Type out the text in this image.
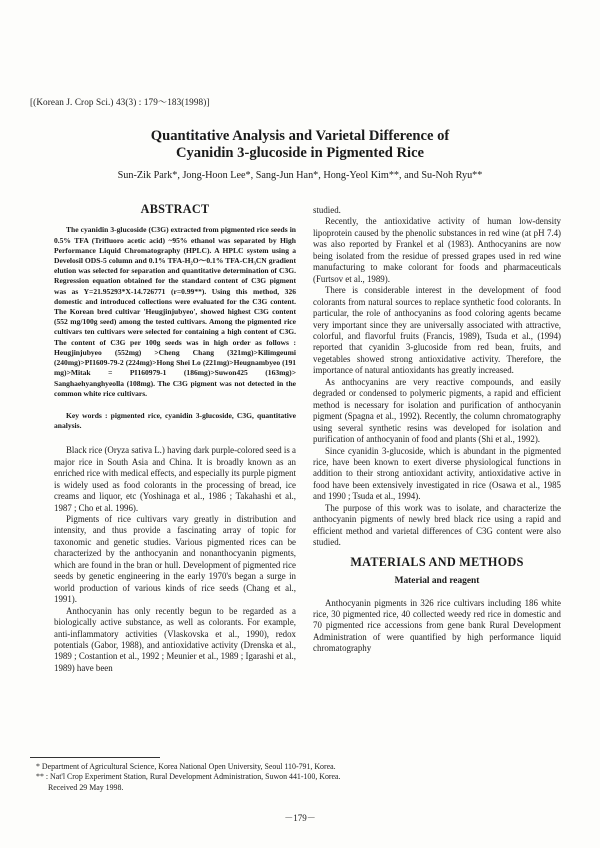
[(Korean J. Crop Sci.) 43(3) : 179～183(1998)]
Quantitative Analysis and Varietal Difference of
Cyanidin 3-glucoside in Pigmented Rice
Sun-Zik Park*, Jong-Hoon Lee*, Sang-Jun Han*, Hong-Yeol Kim**, and Su-Noh Ryu**
ABSTRACT

The cyanidin 3-glucoside (C3G) extracted from pigmented rice seeds in 0.5% TFA (Trifluoro acetic acid) ~95% ethanol was separated by High Performance Liquid Chromatography (HPLC). A HPLC system using a Develosil ODS-5 column and 0.1% TFA-H₂O～0.1% TFA-CH₃CN gradient elution was selected for separation and quantitative determination of C3G. Regression equation obtained for the standard content of C3G pigment was as Y=21.95293*X-14.726771 (r=0.99**). Using this method, 326 domestic and introduced collections were evaluated for the C3G content. The Korean bred cultivar 'Heugjinjubyeo', showed highest C3G content (552 mg/100g seed) among the tested cultivars. Among the pigmented rice cultivars ten cultivars were selected for containing a high content of C3G. The content of C3G per 100g seeds was in high order as follows : Heugjinjubyeo (552mg) >Cheng Chang (321mg)>Kilimgeumi (240mg)>PI1609-79-2 (224mg)>Hong Shei Lo (221mg)>Heugnambyeo (191 mg)>Mitak = PI160979-1 (186mg)>Suwon425 (163mg)> Sanghaehyanghyeolla (108mg). The C3G pigment was not detected in the common white rice cultivars.

Key words : pigmented rice, cyanidin 3-glucoside, C3G, quantitative analysis.

Black rice (Oryza sativa L.) having dark purple-colored seed is a major rice in South Asia and China. It is broadly known as an enriched rice with medical effects, and especially its purple pigment is widely used as food colorants in the processing of bread, ice creams and liquor, etc (Yoshinaga et al., 1986 ; Takahashi et al., 1987 ; Cho et al. 1996).

Pigments of rice cultivars vary greatly in distribution and intensity, and thus provide a fascinating array of topic for taxonomic and genetic studies. Various pigmented rices can be characterized by the anthocyanin and nonanthocyanin pigments, which are found in the bran or hull. Development of pigmented rice seeds by genetic engineering in the early 1970's began a surge in world production of various kinds of rice seeds (Chang et al., 1991).

Anthocyanin has only recently begun to be regarded as a biologically active substance, as well as colorants. For example, anti-inflammatory activities (Vlaskovska et al., 1990), redox potentials (Gabor, 1988), and antioxidative activity (Drenska et al., 1989 ; Costantion et al., 1992 ; Meunier et al., 1989 ; Igarashi et al., 1989) have been

studied.

Recently, the antioxidative activity of human low-density lipoprotein caused by the phenolic substances in red wine (at pH 7.4) was also reported by Frankel et al (1983). Anthocyanins are now being isolated from the residue of pressed grapes used in red wine manufacturing to make colorant for foods and pharmaceuticals (Furtsov et al., 1989).

There is considerable interest in the development of food colorants from natural sources to replace synthetic food colorants. In particular, the role of anthocyanins as food coloring agents became very important since they are universally associated with attractive, colorful, and flavorful fruits (Francis, 1989), Tsuda et al., (1994) reported that cyanidin 3-glucoside from red bean, fruits, and vegetables showed strong antioxidative activity. Therefore, the importance of natural antioxidants has greatly increased.

As anthocyanins are very reactive compounds, and easily degraded or condensed to polymeric pigments, a rapid and efficient method is necessary for isolation and purification of anthocyanin pigment (Spagna et al., 1992). Recently, the column chromatography using several synthetic resins was developed for isolation and purification of anthocyanin of food and plants (Shi et al., 1992).

Since cyanidin 3-glucoside, which is abundant in the pigmented rice, have been known to exert diverse physiological functions in addition to their strong antioxidant activity, antioxidative active in food have been extensively investigated in rice (Osawa et al., 1985 and 1990 ; Tsuda et al., 1994).

The purpose of this work was to isolate, and characterize the anthocyanin pigments of newly bred black rice using a rapid and efficient method and varietal differences of C3G content were also studied.

MATERIALS AND METHODS
Material and reagent

Anthocyanin pigments in 326 rice cultivars including 186 white rice, 30 pigmented rice, 40 collected weedy red rice in domestic and 70 pigmented rice accessions from gene bank Rural Development Administration of were quantified by high performance liquid chromatography

* Department of Agricultural Science, Korea National Open University, Seoul 110-791, Korea.
** : Nat'l Crop Experiment Station, Rural Development Administration, Suwon 441-100, Korea.
Received 29 May 1998.
－179－
